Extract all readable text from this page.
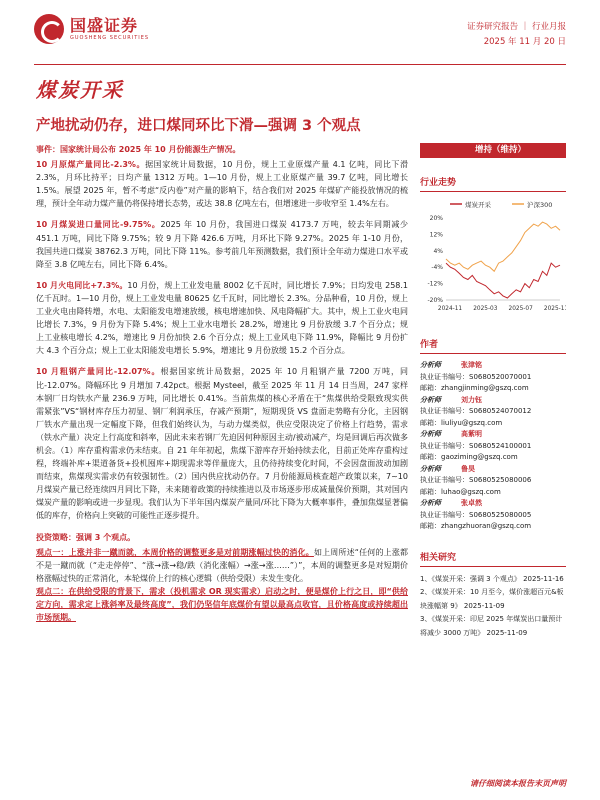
国盛证券
GUOSHENG SECURITIES
证券研究报告 ｜ 行业月报
2025 年 11 月 20 日
煤炭开采
产地扰动仍存，进口煤同环比下滑—强调 3 个观点

事件：国家统计局公布 2025 年 10 月份能源生产情况。

10 月原煤产量同比-2.3%。据国家统计局数据，10 月份，规上工业原煤产量 4.1 亿吨，同比下滑 2.3%，月环比持平；日均产量 1312 万吨。1—10 月份，规上工业原煤产量 39.7 亿吨，同比增长 1.5%。展望 2025 年，暂不考虑“反内卷”对产量的影响下，结合我们对 2025 年煤矿产能投放情况的梳理，预计全年动力煤产量仍将保持增长态势，或达 38.8 亿吨左右，但增速进一步收窄至 1.4%左右。

10 月煤炭进口量同比-9.75%。2025 年 10 月份，我国进口煤炭 4173.7 万吨，较去年同期减少 451.1 万吨，同比下降 9.75%；较 9 月下降 426.6 万吨，月环比下降 9.27%。2025 年 1-10 月份，我国共进口煤炭 38762.3 万吨，同比下降 11%。参考前几年预测数据，我们预计全年动力煤进口水平或降至 3.8 亿吨左右，同比下降 6.4%。

10 月火电同比+7.3%。10 月份，规上工业发电量 8002 亿千瓦时，同比增长 7.9%；日均发电 258.1 亿千瓦时。1—10 月份，规上工业发电量 80625 亿千瓦时，同比增长 2.3%。分品种看，10 月份，规上工业火电由降转增，水电、太阳能发电增速放缓，核电增速加快、风电降幅扩大。其中，规上工业火电同比增长 7.3%，9 月份为下降 5.4%；规上工业水电增长 28.2%，增速比 9 月份放缓 3.7 个百分点；规上工业核电增长 4.2%，增速比 9 月份加快 2.6 个百分点；规上工业风电下降 11.9%，降幅比 9 月份扩大 4.3 个百分点；规上工业太阳能发电增长 5.9%，增速比 9 月份放缓 15.2 个百分点。

10 月粗钢产量同比-12.07%。根据国家统计局数据，2025 年 10 月粗钢产量 7200 万吨，同比-12.07%。降幅环比 9 月增加 7.42pct。根据 Mysteel，截至 2025 年 11 月 14 日当周，247 家样本钢厂日均铁水产量 236.9 万吨，同比增长 0.41%。当前焦煤的核心矛盾在于“焦煤供给受限致现实供需紧张”VS“钢材库存压力初显、钢厂利润承压，存减产预期”，短期现货 VS 盘面走势略有分化，主因钢厂铁水产量出现一定幅度下降，但我们始终认为，与动力煤类似，供应受限决定了价格上行趋势，需求（铁水产量）决定上行高度和斜率，因此未来若钢厂先迫因何种原因主动/被动减产，均是回调后再次做多机会。（1）库存重构需求仍未结束。自 21 年年初起，焦煤下游库存开始持续去化，目前正处库存重构过程，终端补库+渠道备货+投机囤库+期现需求等伴量庞大，且仍待持续变化时间，不会因盘面波动加剧而结束，焦煤现实需求仍有较强韧性。（2）国内供应扰动仍存。7 月份能源局核查超产政策以来，7~10 月煤炭产量已经连续四月同比下降，未来随着政策的持续推进以及市场逐步形成减量保价预期，其对国内煤炭产量的影响或进一步显现。我们认为下半年国内煤炭产量同/环比下降为大概率事件，叠加焦煤显著偏低的库存，价格向上突破的可能性正逐步提升。

投资策略：强调 3 个观点。
观点一：上涨并非一蹴而就，本周价格的调整更多是对前期涨幅过快的消化。如上周所述“任何的上涨都不是一蹴而就（“走走停停”、“涨→涨→稳/跌（消化涨幅）→涨→涨……”）”，本周的调整更多是对短期价格涨幅过快的正常消化，本轮煤价上行的核心逻辑（供给受限）未发生变化。
观点二：在供给受限的背景下，需求（投机需求 OR 现实需求）启动之时，便是煤价上行之日，即“供给定方向，需求定上涨斜率及最终高度”，我们仍坚信年底煤价有望以最高点收官，且价格高度或持续超出市场预期。
增持（维持）
行业走势
煤炭开采	沪深300
-20%
-12%
-4%
4%
12%
20%
2024-11 2025-03 2025-07 2025-11
作者
分析师	张津铭
执业证书编号：S0680520070001
邮箱：zhangjinming@gszq.com
分析师	刘力钰
执业证书编号：S0680524070012
邮箱：liuliyu@gszq.com
分析师	高紫明
执业证书编号：S0680524100001
邮箱：gaoziming@gszq.com
分析师	鲁昊
执业证书编号：S0680525080006
邮箱：luhao@gszq.com
分析师	张卓然
执业证书编号：S0680525080005
邮箱：zhangzhuoran@gszq.com
相关研究
1、《煤炭开采：强调 3 个观点》 2025-11-16
2、《煤炭开采：10 月至今，煤价涨超百元&板块涨幅第 9》 2025-11-09
3、《煤炭开采：印尼 2025 年煤炭出口量预计将减少 3000 万吨》 2025-11-09
请仔细阅读本报告末页声明
